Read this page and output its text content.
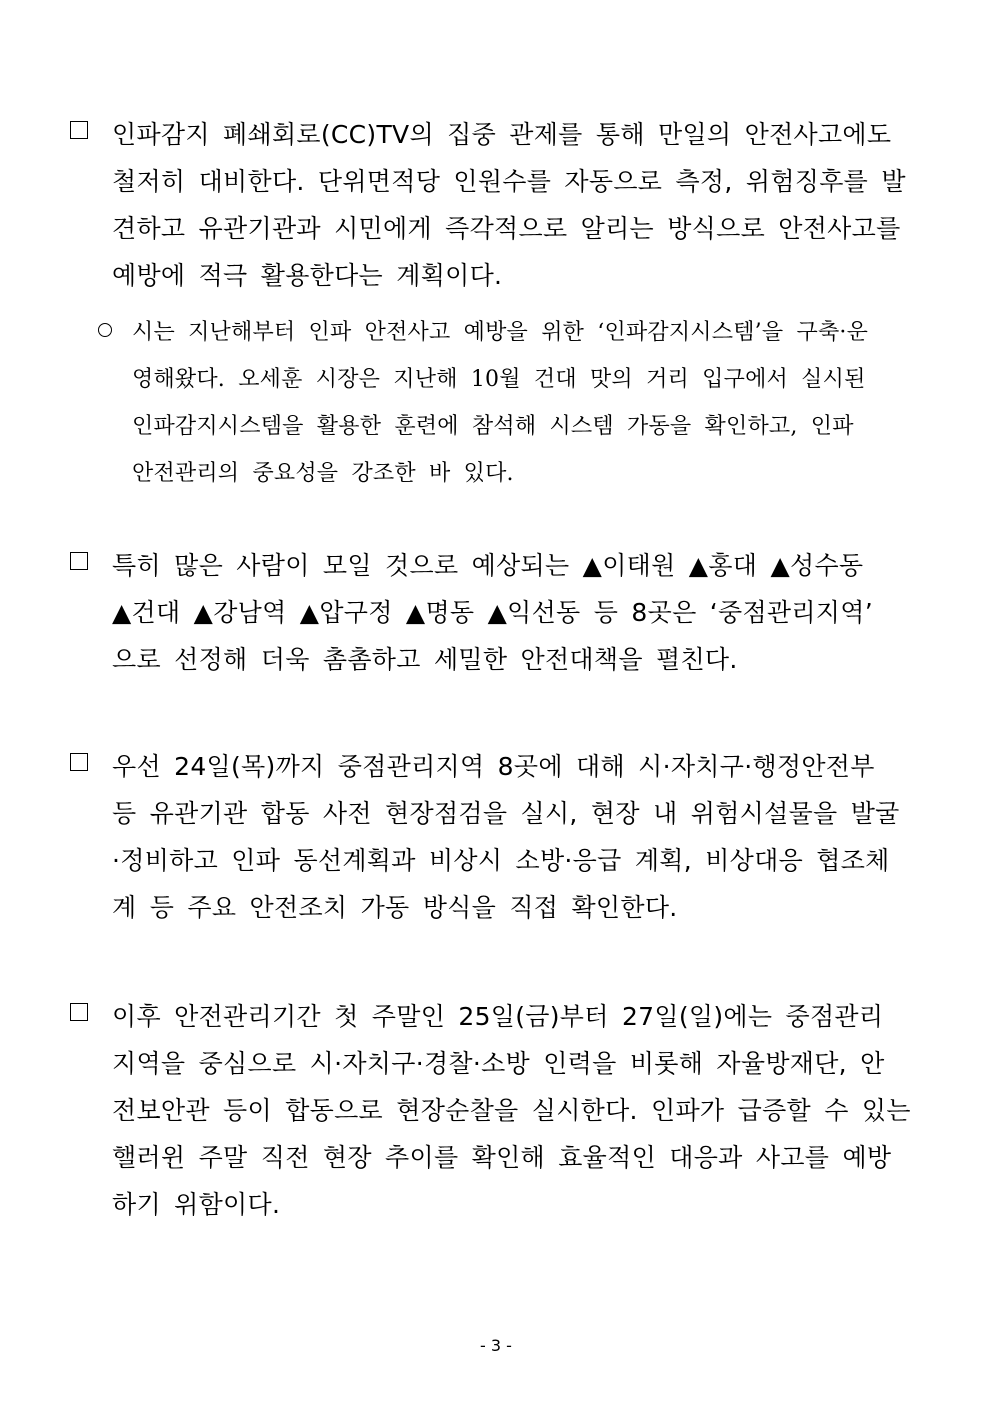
인파감지 폐쇄회로(CC)TV의 집중 관제를 통해 만일의 안전사고에도
철저히 대비한다. 단위면적당 인원수를 자동으로 측정, 위험징후를 발
견하고 유관기관과 시민에게 즉각적으로 알리는 방식으로 안전사고를
예방에 적극 활용한다는 계획이다.
시는 지난해부터 인파 안전사고 예방을 위한 ‘인파감지시스템’을 구축·운
영해왔다. 오세훈 시장은 지난해 10월 건대 맛의 거리 입구에서 실시된
인파감지시스템을 활용한 훈련에 참석해 시스템 가동을 확인하고, 인파
안전관리의 중요성을 강조한 바 있다.
특히 많은 사람이 모일 것으로 예상되는 ▲이태원 ▲홍대 ▲성수동
▲건대 ▲강남역 ▲압구정 ▲명동 ▲익선동 등 8곳은 ‘중점관리지역’
으로 선정해 더욱 촘촘하고 세밀한 안전대책을 펼친다.
우선 24일(목)까지 중점관리지역 8곳에 대해 시·자치구·행정안전부
등 유관기관 합동 사전 현장점검을 실시, 현장 내 위험시설물을 발굴
·정비하고 인파 동선계획과 비상시 소방·응급 계획, 비상대응 협조체
계 등 주요 안전조치 가동 방식을 직접 확인한다.
이후 안전관리기간 첫 주말인 25일(금)부터 27일(일)에는 중점관리
지역을 중심으로 시·자치구·경찰·소방 인력을 비롯해 자율방재단, 안
전보안관 등이 합동으로 현장순찰을 실시한다. 인파가 급증할 수 있는
핼러윈 주말 직전 현장 추이를 확인해 효율적인 대응과 사고를 예방
하기 위함이다.
- 3 -
